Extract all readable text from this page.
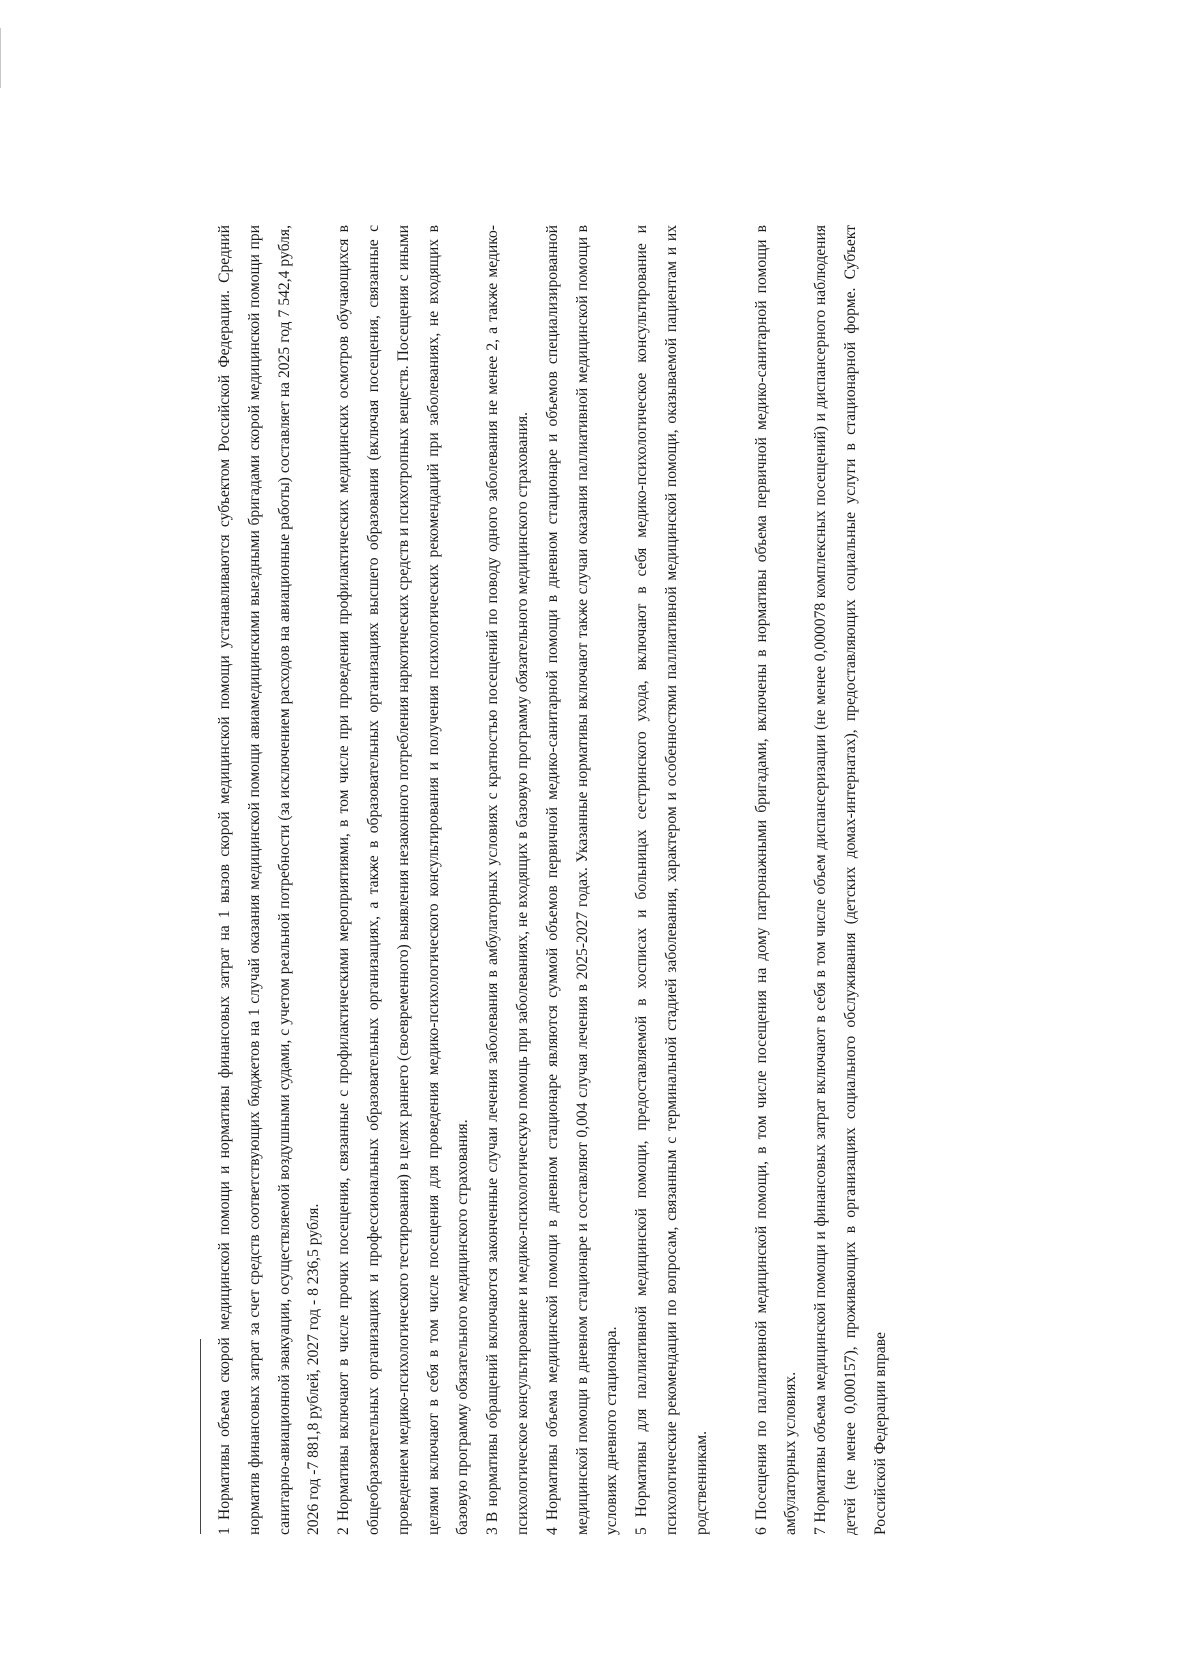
1 Нормативы объема скорой медицинской помощи и нормативы финансовых затрат на 1 вызов скорой медицинской помощи устанавливаются субъектом Российской Федерации. Средний норматив финансовых затрат за счет средств соответствующих бюджетов на 1 случай оказания медицинской помощи авиамедицинскими выездными бригадами скорой медицинской помощи при санитарно-авиационной эвакуации, осуществляемой воздушными судами, с учетом реальной потребности (за исключением расходов на авиационные работы) составляет на 2025 год 7 542,4 рубля, 2026 год -7 881,8 рублей, 2027 год - 8 236,5 рубля. 2 Нормативы включают в числе прочих посещения, связанные с профилактическими мероприятиями, в том числе при проведении профилактических медицинских осмотров обучающихся в общеобразовательных организациях и профессиональных образовательных организациях, а также в образовательных организациях высшего образования (включая посещения, связанные с проведением медико-психологического тестирования) в целях раннего (своевременного) выявления незаконного потребления наркотических средств и психотропных веществ. Посещения с иными целями включают в себя в том числе посещения для проведения медико-психологического консультирования и получения психологических рекомендаций при заболеваниях, не входящих в базовую программу обязательного медицинского страхования. 3 В нормативы обращений включаются законченные случаи лечения заболевания в амбулаторных условиях с кратностью посещений по поводу одного заболевания не менее 2, а также медико-психологическое консультирование и медико-психологическую помощь при заболеваниях, не входящих в базовую программу обязательного медицинского страхования. 4 Нормативы объема медицинской помощи в дневном стационаре являются суммой объемов первичной медико-санитарной помощи в дневном стационаре и объемов специализированной медицинской помощи в дневном стационаре и составляют 0,004 случая лечения в 2025-2027 годах. Указанные нормативы включают также случаи оказания паллиативной медицинской помощи в условиях дневного стационара. 5 Нормативы для паллиативной медицинской помощи, предоставляемой в хосписах и больницах сестринского ухода, включают в себя медико-психологическое консультирование и психологические рекомендации по вопросам, связанным с терминальной стадией заболевания, характером и особенностями паллиативной медицинской помощи, оказываемой пациентам и их родственникам.	6 Посещения по паллиативной медицинской помощи, в том числе посещения на дому патронажными бригадами, включены в нормативы объема первичной медико-санитарной помощи в амбулаторных условиях. 7 Нормативы объема медицинской помощи и финансовых затрат включают в себя в том числе объем диспансеризации (не менее 0,000078 комплексных посещений) и диспансерного наблюдения детей (не менее 0,000157), проживающих в организациях социального обслуживания (детских домах-интернатах), предоставляющих социальные услуги в стационарной форме. Субъект Российской Федерации вправе
